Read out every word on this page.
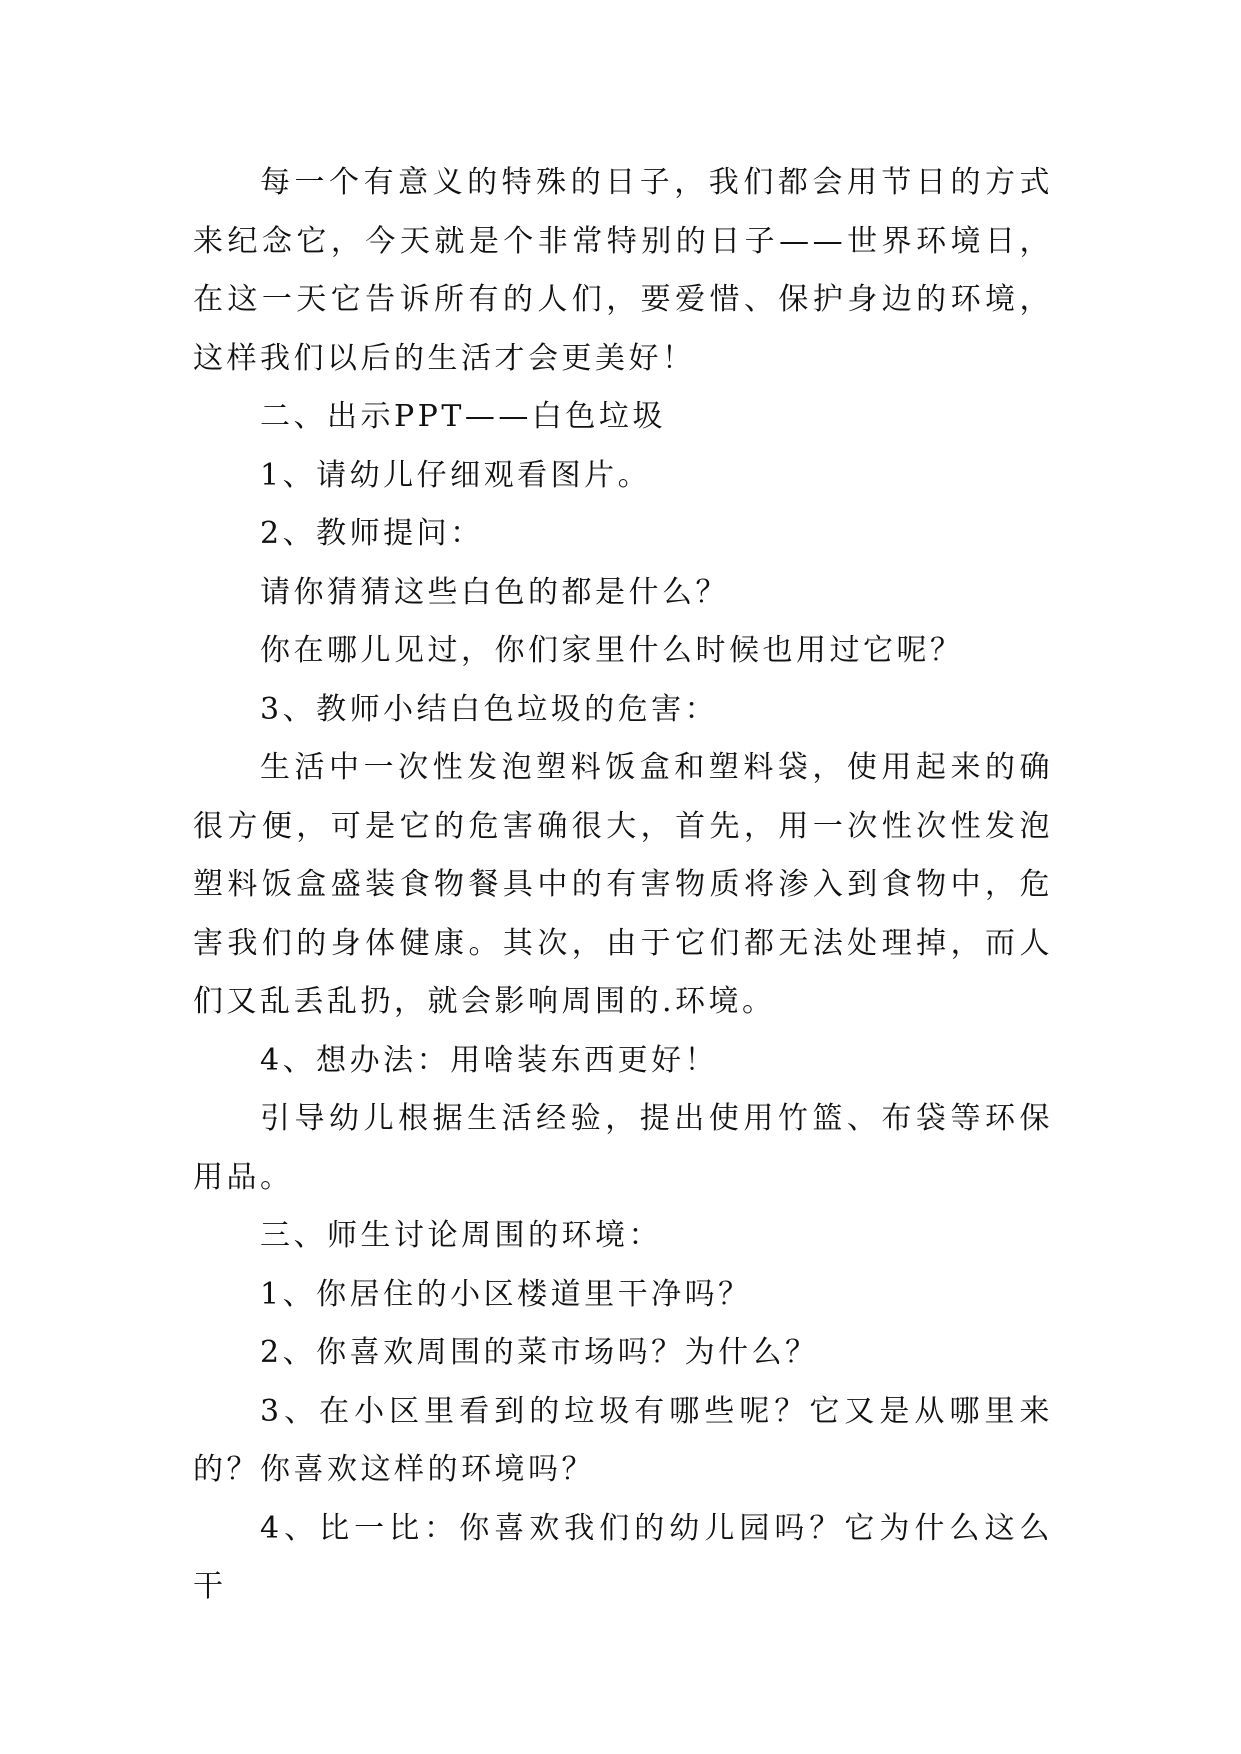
每一个有意义的特殊的日子，我们都会用节日的方式来纪念它，今天就是个非常特别的日子——世界环境日，在这一天它告诉所有的人们，要爱惜、保护身边的环境，这样我们以后的生活才会更美好！

二、出示PPT——白色垃圾

1、请幼儿仔细观看图片。

2、教师提问：

请你猜猜这些白色的都是什么？

你在哪儿见过，你们家里什么时候也用过它呢？

3、教师小结白色垃圾的危害：

生活中一次性发泡塑料饭盒和塑料袋，使用起来的确很方便，可是它的危害确很大，首先，用一次性次性发泡塑料饭盒盛装食物餐具中的有害物质将渗入到食物中，危害我们的身体健康。其次，由于它们都无法处理掉，而人们又乱丢乱扔，就会影响周围的.环境。

4、想办法：用啥装东西更好！

引导幼儿根据生活经验，提出使用竹篮、布袋等环保用品。

三、师生讨论周围的环境：

1、你居住的小区楼道里干净吗？

2、你喜欢周围的菜市场吗？为什么？

3、在小区里看到的垃圾有哪些呢？它又是从哪里来的？你喜欢这样的环境吗？

4、比一比：你喜欢我们的幼儿园吗？它为什么这么干
